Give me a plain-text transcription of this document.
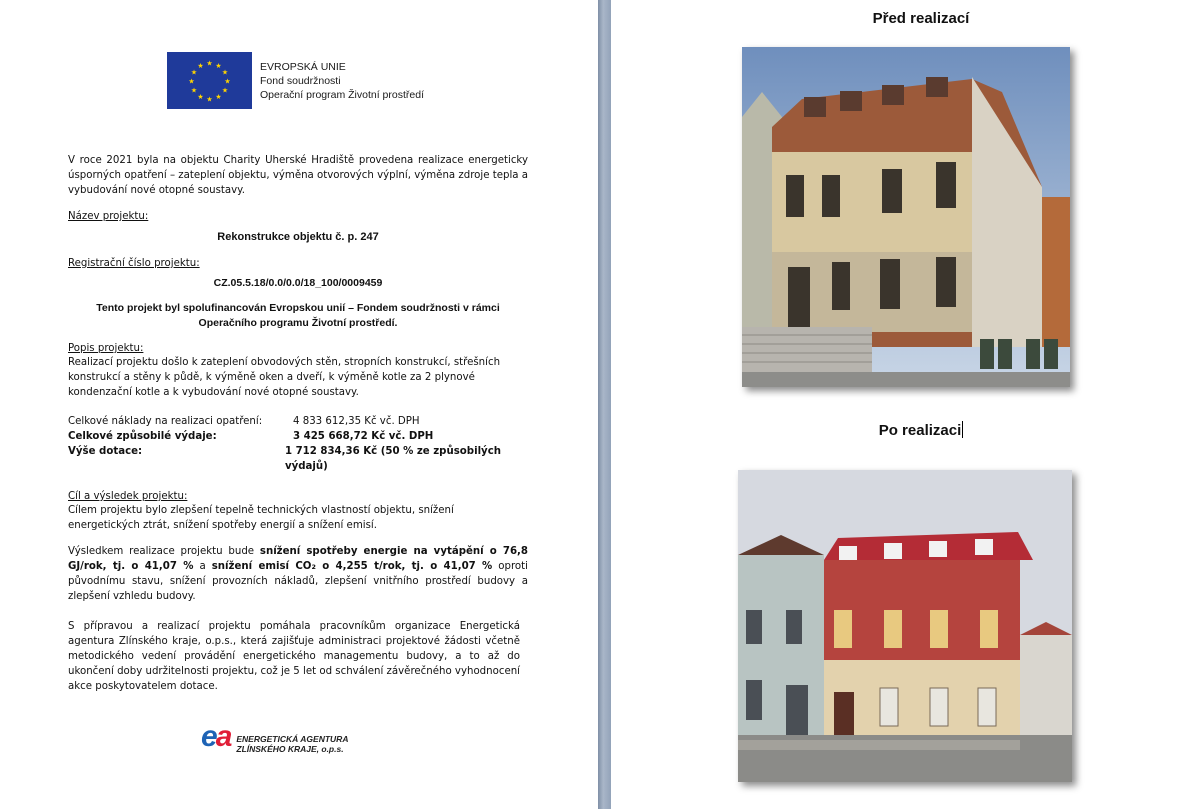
★ ★
★
★
★
★
★
★
★
★
★
★	EVROPSKÁ UNIE
Fond soudržnosti
Operační program Životní prostředí
V roce 2021 byla na objektu Charity Uherské Hradiště provedena realizace energeticky úsporných opatření – zateplení objektu, výměna otvorových výplní, výměna zdroje tepla a vybudování nové otopné soustavy.
Název projektu:
Rekonstrukce objektu č. p. 247
Registrační číslo projektu:
CZ.05.5.18/0.0/0.0/18_100/0009459
Tento projekt byl spolufinancován Evropskou unií – Fondem soudržnosti v rámci
Operačního programu Životní prostředí.
Popis projektu:
Realizací projektu došlo k zateplení obvodových stěn, stropních konstrukcí, střešních konstrukcí a stěny k půdě, k výměně oken a dveří, k výměně kotle za 2 plynové kondenzační kotle a k vybudování nové otopné soustavy.
Celkové náklady na realizaci opatření:	4 833 612,35 Kč vč. DPH
Celkové způsobilé výdaje:	3 425 668,72 Kč vč. DPH
Výše dotace:	1 712 834,36 Kč (50 % ze způsobilých výdajů)
Cíl a výsledek projektu:
Cílem projektu bylo zlepšení tepelně technických vlastností objektu, snížení energetických ztrát, snížení spotřeby energií a snížení emisí.
Výsledkem realizace projektu bude snížení spotřeby energie na vytápění o 76,8 GJ/rok, tj. o 41,07 % a snížení emisí CO₂ o 4,255 t/rok, tj. o 41,07 % oproti původnímu stavu, snížení provozních nákladů, zlepšení vnitřního prostředí budovy a zlepšení vzhledu budovy.
S přípravou a realizací projektu pomáhala pracovníkům organizace Energetická agentura Zlínského kraje, o.p.s., která zajišťuje administraci projektové žádosti včetně metodického vedení provádění energetického managementu budovy, a to až do ukončení doby udržitelnosti projektu, což je 5 let od schválení závěrečného vyhodnocení akce poskytovatelem dotace.
ea ENERGETICKÁ AGENTURA
ZLÍNSKÉHO KRAJE, o.p.s.
Před realizací
Po realizaci
